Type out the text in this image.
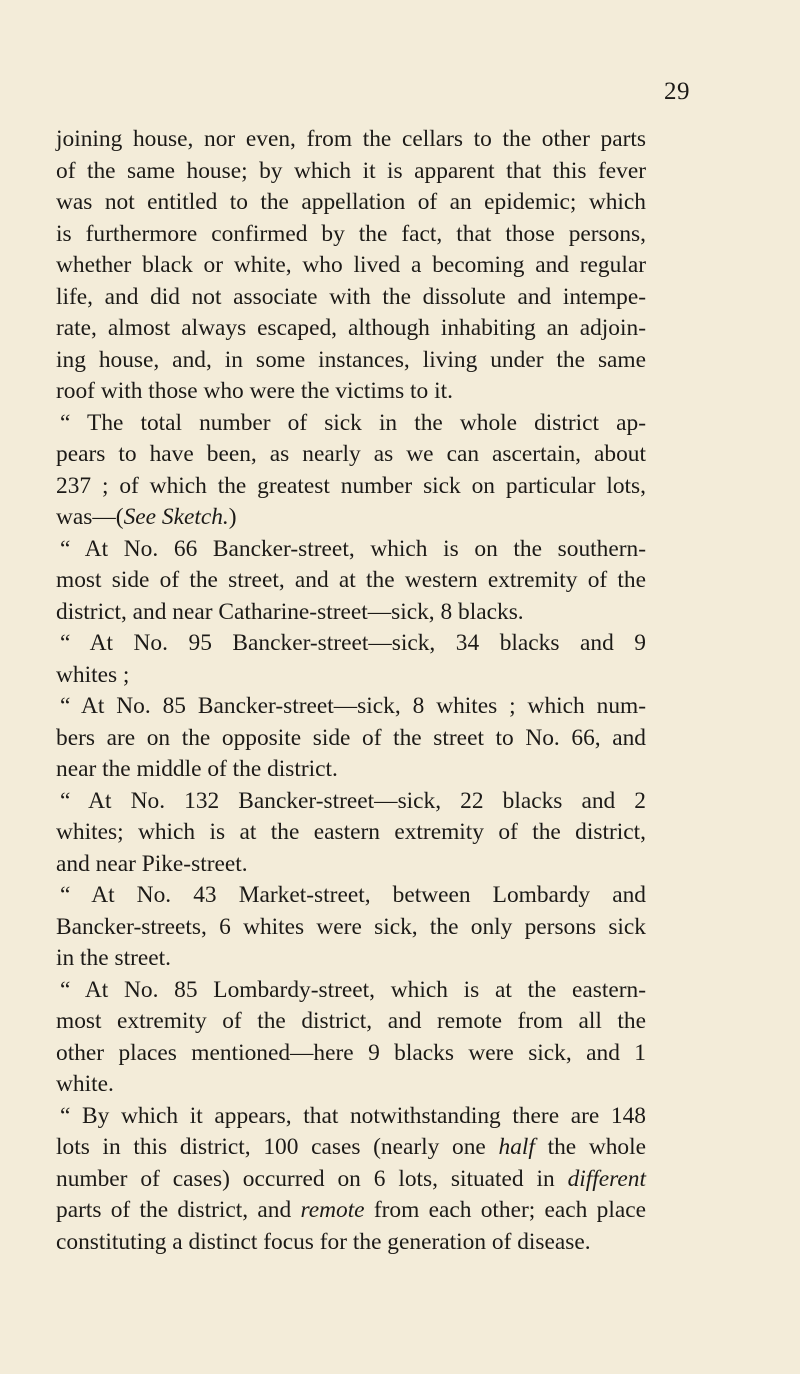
29
joining house, nor even, from the cellars to the other parts
of the same house; by which it is apparent that this fever
was not entitled to the appellation of an epidemic; which
is furthermore confirmed by the fact, that those persons,
whether black or white, who lived a becoming and regular
life, and did not associate with the dissolute and intempe-
rate, almost always escaped, although inhabiting an adjoin-
ing house, and, in some instances, living under the same
roof with those who were the victims to it.
“ The total number of sick in the whole district ap-
pears to have been, as nearly as we can ascertain, about
237 ; of which the greatest number sick on particular lots,
was—(See Sketch.)
“ At No. 66 Bancker-street, which is on the southern-
most side of the street, and at the western extremity of the
district, and near Catharine-street—sick, 8 blacks.
“ At No. 95 Bancker-street—sick, 34 blacks and 9
whites ;
“ At No. 85 Bancker-street—sick, 8 whites ; which num-
bers are on the opposite side of the street to No. 66, and
near the middle of the district.
“ At No. 132 Bancker-street—sick, 22 blacks and 2
whites; which is at the eastern extremity of the district,
and near Pike-street.
“ At No. 43 Market-street, between Lombardy and
Bancker-streets, 6 whites were sick, the only persons sick
in the street.
“ At No. 85 Lombardy-street, which is at the eastern-
most extremity of the district, and remote from all the
other places mentioned—here 9 blacks were sick, and 1
white.
“ By which it appears, that notwithstanding there are 148
lots in this district, 100 cases (nearly one half the whole
number of cases) occurred on 6 lots, situated in different
parts of the district, and remote from each other; each place
constituting a distinct focus for the generation of disease.
